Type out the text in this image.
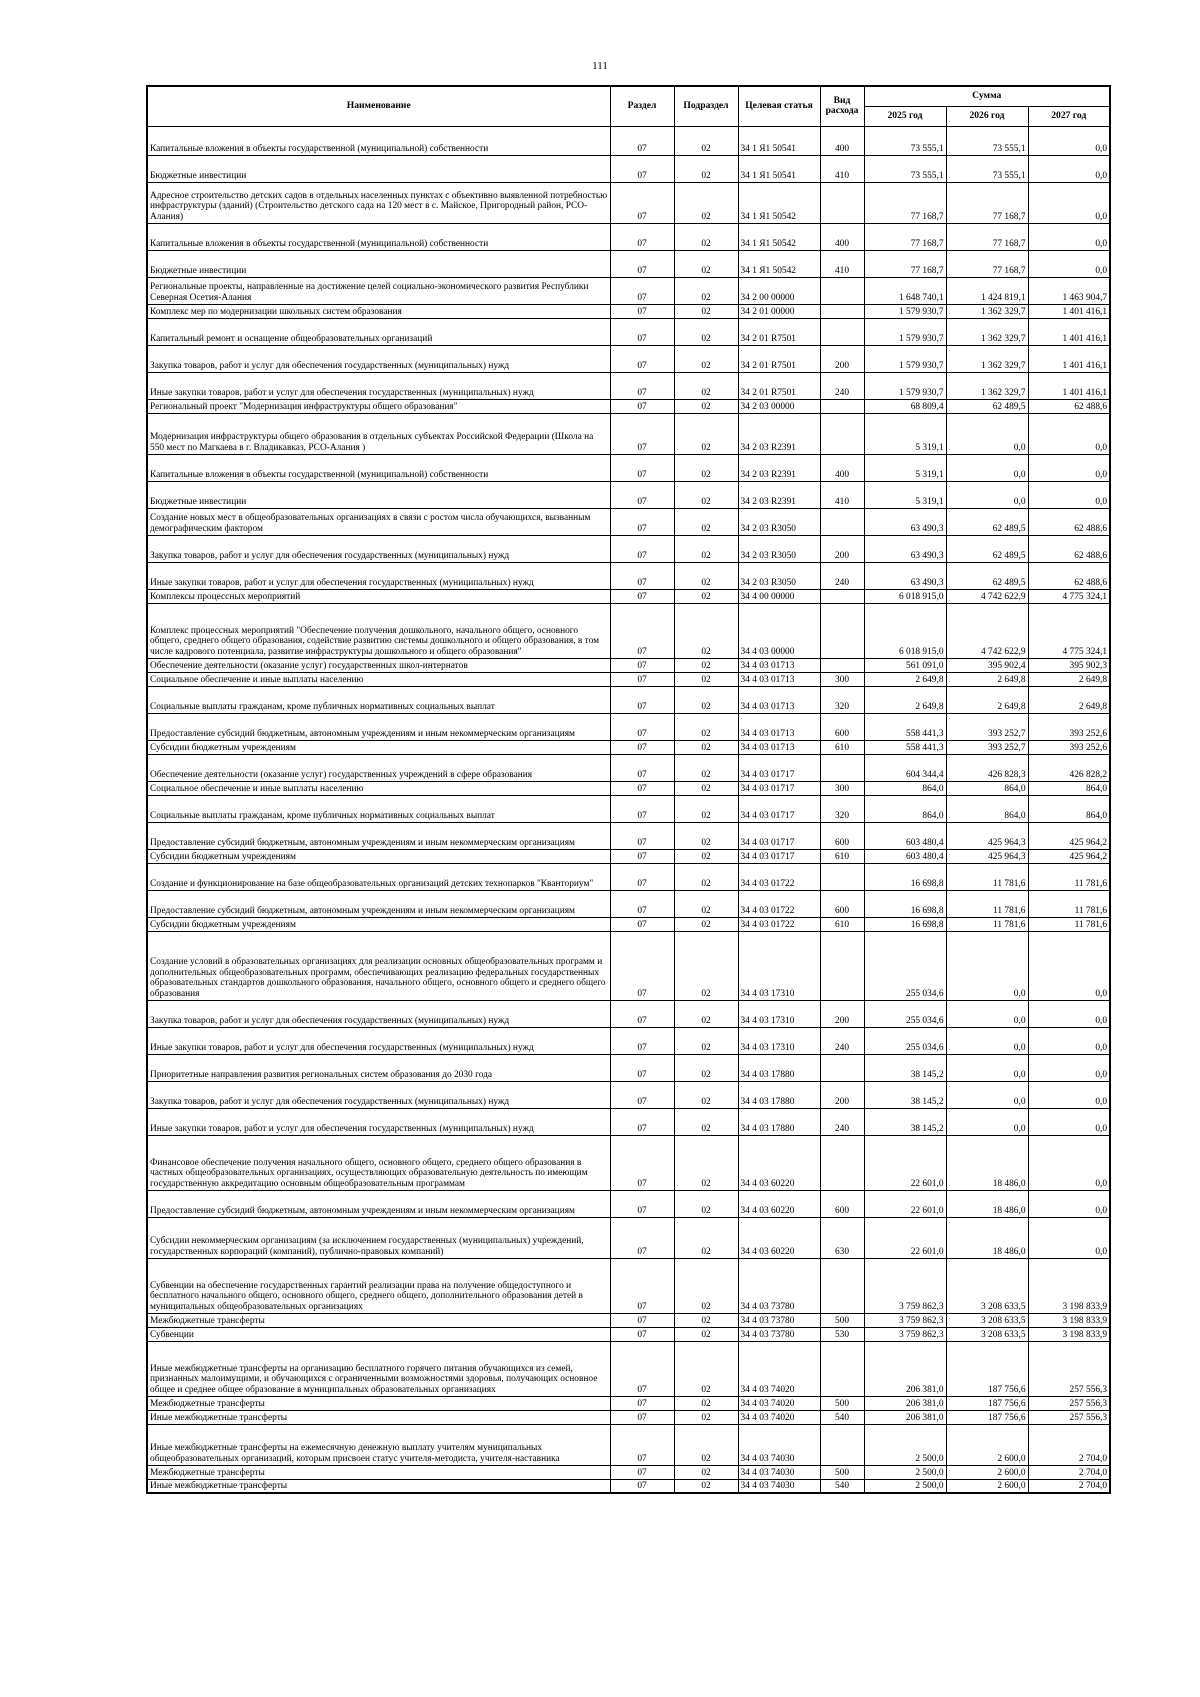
111
Наименование	Раздел	Подраздел	Целевая статья	Вид расхода	Сумма		
					2025 год	2026 год	2027 год
Капитальные вложения в объекты государственной (муниципальной) собственности	07	02	34 1 Я1 50541	400	73 555,1	73 555,1	0,0
Бюджетные инвестиции	07	02	34 1 Я1 50541	410	73 555,1	73 555,1	0,0
Адресное строительство детских садов в отдельных населенных пунктах с объективно выявленной потребностью инфраструктуры (зданий) (Строительство детского сада на 120 мест в с. Майское, Пригородный район, РСО-Алания)	07	02	34 1 Я1 50542		77 168,7	77 168,7	0,0
Капитальные вложения в объекты государственной (муниципальной) собственности	07	02	34 1 Я1 50542	400	77 168,7	77 168,7	0,0
Бюджетные инвестиции	07	02	34 1 Я1 50542	410	77 168,7	77 168,7	0,0
Региональные проекты, направленные на достижение целей социально-экономического развития Республики Северная Осетия-Алания	07	02	34 2 00 00000		1 648 740,1	1 424 819,1	1 463 904,7
Комплекс мер по модернизации школьных систем образования	07	02	34 2 01 00000		1 579 930,7	1 362 329,7	1 401 416,1
Капитальный ремонт и оснащение общеобразовательных организаций	07	02	34 2 01 R7501		1 579 930,7	1 362 329,7	1 401 416,1
Закупка товаров, работ и услуг для обеспечения государственных (муниципальных) нужд	07	02	34 2 01 R7501	200	1 579 930,7	1 362 329,7	1 401 416,1
Иные закупки товаров, работ и услуг для обеспечения государственных (муниципальных) нужд	07	02	34 2 01 R7501	240	1 579 930,7	1 362 329,7	1 401 416,1
Региональный проект "Модернизация инфраструктуры общего образования"	07	02	34 2 03 00000		68 809,4	62 489,5	62 488,6
Модернизация инфраструктуры общего образования в отдельных субъектах Российской Федерации (Школа на 550 мест по Магкаева в г. Владикавказ, РСО-Алания )	07	02	34 2 03 R2391		5 319,1	0,0	0,0
Капитальные вложения в объекты государственной (муниципальной) собственности	07	02	34 2 03 R2391	400	5 319,1	0,0	0,0
Бюджетные инвестиции	07	02	34 2 03 R2391	410	5 319,1	0,0	0,0
Создание новых мест в общеобразовательных организациях в связи с ростом числа обучающихся, вызванным демографическим фактором	07	02	34 2 03 R3050		63 490,3	62 489,5	62 488,6
Закупка товаров, работ и услуг для обеспечения государственных (муниципальных) нужд	07	02	34 2 03 R3050	200	63 490,3	62 489,5	62 488,6
Иные закупки товаров, работ и услуг для обеспечения государственных (муниципальных) нужд	07	02	34 2 03 R3050	240	63 490,3	62 489,5	62 488,6
Комплексы процессных мероприятий	07	02	34 4 00 00000		6 018 915,0	4 742 622,9	4 775 324,1
Комплекс процессных мероприятий "Обеспечение получения дошкольного, начального общего, основного общего, среднего общего образования, содействие развитию системы дошкольного и общего образования, в том числе кадрового потенциала, развитие инфраструктуры дошкольного и общего образования"	07	02	34 4 03 00000		6 018 915,0	4 742 622,9	4 775 324,1
Обеспечение деятельности (оказание услуг) государственных школ-интернатов	07	02	34 4 03 01713		561 091,0	395 902,4	395 902,3
Социальное обеспечение и иные выплаты населению	07	02	34 4 03 01713	300	2 649,8	2 649,8	2 649,8
Социальные выплаты гражданам, кроме публичных нормативных социальных выплат	07	02	34 4 03 01713	320	2 649,8	2 649,8	2 649,8
Предоставление субсидий бюджетным, автономным учреждениям и иным некоммерческим организациям	07	02	34 4 03 01713	600	558 441,3	393 252,7	393 252,6
Субсидии бюджетным учреждениям	07	02	34 4 03 01713	610	558 441,3	393 252,7	393 252,6
Обеспечение деятельности (оказание услуг) государственных учреждений в сфере образования	07	02	34 4 03 01717		604 344,4	426 828,3	426 828,2
Социальное обеспечение и иные выплаты населению	07	02	34 4 03 01717	300	864,0	864,0	864,0
Социальные выплаты гражданам, кроме публичных нормативных социальных выплат	07	02	34 4 03 01717	320	864,0	864,0	864,0
Предоставление субсидий бюджетным, автономным учреждениям и иным некоммерческим организациям	07	02	34 4 03 01717	600	603 480,4	425 964,3	425 964,2
Субсидии бюджетным учреждениям	07	02	34 4 03 01717	610	603 480,4	425 964,3	425 964,2
Создание и функционирование на базе общеобразовательных организаций детских технопарков "Кванториум"	07	02	34 4 03 01722		16 698,8	11 781,6	11 781,6
Предоставление субсидий бюджетным, автономным учреждениям и иным некоммерческим организациям	07	02	34 4 03 01722	600	16 698,8	11 781,6	11 781,6
Субсидии бюджетным учреждениям	07	02	34 4 03 01722	610	16 698,8	11 781,6	11 781,6
Создание условий в образовательных организациях для реализации основных общеобразовательных программ и дополнительных общеобразовательных программ, обеспечивающих реализацию федеральных государственных образовательных стандартов дошкольного образования, начального общего, основного общего и среднего общего образования	07	02	34 4 03 17310		255 034,6	0,0	0,0
Закупка товаров, работ и услуг для обеспечения государственных (муниципальных) нужд	07	02	34 4 03 17310	200	255 034,6	0,0	0,0
Иные закупки товаров, работ и услуг для обеспечения государственных (муниципальных) нужд	07	02	34 4 03 17310	240	255 034,6	0,0	0,0
Приоритетные направления развития региональных систем образования до 2030 года	07	02	34 4 03 17880		38 145,2	0,0	0,0
Закупка товаров, работ и услуг для обеспечения государственных (муниципальных) нужд	07	02	34 4 03 17880	200	38 145,2	0,0	0,0
Иные закупки товаров, работ и услуг для обеспечения государственных (муниципальных) нужд	07	02	34 4 03 17880	240	38 145,2	0,0	0,0
Финансовое обеспечение получения начального общего, основного общего, среднего общего образования в частных общеобразовательных организациях, осуществляющих образовательную деятельность по имеющим государственную аккредитацию основным общеобразовательным программам	07	02	34 4 03 60220		22 601,0	18 486,0	0,0
Предоставление субсидий бюджетным, автономным учреждениям и иным некоммерческим организациям	07	02	34 4 03 60220	600	22 601,0	18 486,0	0,0
Субсидии некоммерческим организациям (за исключением государственных (муниципальных) учреждений, государственных корпораций (компаний), публично-правовых компаний)	07	02	34 4 03 60220	630	22 601,0	18 486,0	0,0
Субвенции на обеспечение государственных гарантий реализации права на получение общедоступного и бесплатного начального общего, основного общего, среднего общего, дополнительного образования детей в муниципальных общеобразовательных организациях	07	02	34 4 03 73780		3 759 862,3	3 208 633,5	3 198 833,9
Межбюджетные трансферты	07	02	34 4 03 73780	500	3 759 862,3	3 208 633,5	3 198 833,9
Субвенции	07	02	34 4 03 73780	530	3 759 862,3	3 208 633,5	3 198 833,9
Иные межбюджетные трансферты на организацию бесплатного горячего питания обучающихся из семей, признанных малоимущими, и обучающихся с ограниченными возможностями здоровья, получающих основное общее и среднее общее образование в муниципальных образовательных организациях	07	02	34 4 03 74020		206 381,0	187 756,6	257 556,3
Межбюджетные трансферты	07	02	34 4 03 74020	500	206 381,0	187 756,6	257 556,3
Иные межбюджетные трансферты	07	02	34 4 03 74020	540	206 381,0	187 756,6	257 556,3
Иные межбюджетные трансферты на ежемесячную денежную выплату учителям муниципальных общеобразовательных организаций, которым присвоен статус учителя-методиста, учителя-наставника	07	02	34 4 03 74030		2 500,0	2 600,0	2 704,0
Межбюджетные трансферты	07	02	34 4 03 74030	500	2 500,0	2 600,0	2 704,0
Иные межбюджетные трансферты	07	02	34 4 03 74030	540	2 500,0	2 600,0	2 704,0
